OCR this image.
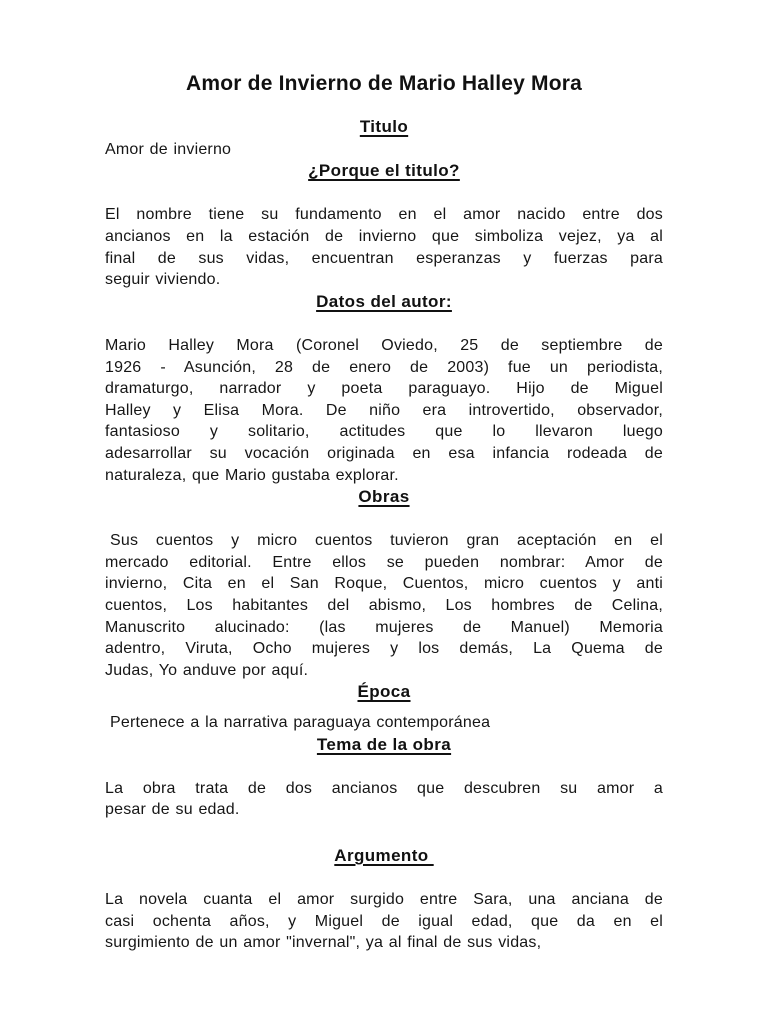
Amor de Invierno de Mario Halley Mora
Titulo
Amor de invierno
¿Porque el titulo?
El nombre tiene su fundamento en el amor nacido entre dos
ancianos en la estación de invierno que simboliza vejez, ya al
final de sus vidas, encuentran esperanzas y fuerzas para
seguir viviendo.
Datos del autor:
Mario Halley Mora (Coronel Oviedo, 25 de septiembre de
1926 - Asunción, 28 de enero de 2003) fue un periodista,
dramaturgo, narrador y poeta paraguayo. Hijo de Miguel
Halley y Elisa Mora. De niño era introvertido, observador,
fantasioso y solitario, actitudes que lo llevaron luego
adesarrollar su vocación originada en esa infancia rodeada de
naturaleza, que Mario gustaba explorar.
Obras
Sus cuentos y micro cuentos tuvieron gran aceptación en el
mercado editorial. Entre ellos se pueden nombrar: Amor de
invierno, Cita en el San Roque, Cuentos, micro cuentos y anti
cuentos, Los habitantes del abismo, Los hombres de Celina,
Manuscrito alucinado: (las mujeres de Manuel) Memoria
adentro, Viruta, Ocho mujeres y los demás, La Quema de
Judas, Yo anduve por aquí.
Época
Pertenece a la narrativa paraguaya contemporánea
Tema de la obra
La obra trata de dos ancianos que descubren su amor a
pesar de su edad.
Argumento
La novela cuanta el amor surgido entre Sara, una anciana de
casi ochenta años, y Miguel de igual edad, que da en el
surgimiento de un amor "invernal", ya al final de sus vidas,
